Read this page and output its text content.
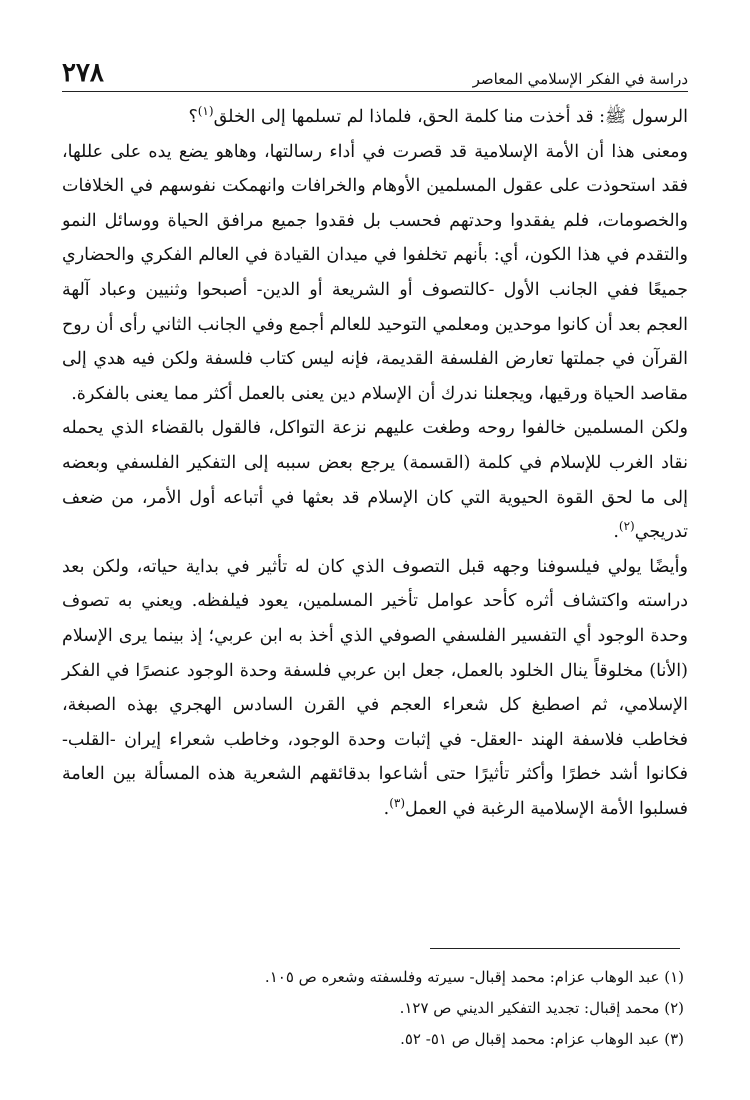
٢٧٨	دراسة في الفكر الإسلامي المعاصر

الرسول ﷺ: قد أخذت منا كلمة الحق، فلماذا لم تسلمها إلى الخلق$^{(١)}$؟

ومعنى هذا أن الأمة الإسلامية قد قصرت في أداء رسالتها، وهاهو يضع يده على عللها، فقد استحوذت على عقول المسلمين الأوهام والخرافات وانهمكت نفوسهم في الخلافات والخصومات، فلم يفقدوا وحدتهم فحسب بل فقدوا جميع مرافق الحياة ووسائل النمو والتقدم في هذا الكون، أي: بأنهم تخلفوا في ميدان القيادة في العالم الفكري والحضاري جميعًا ففي الجانب الأول -كالتصوف أو الشريعة أو الدين- أصبحوا وثنيين وعباد آلهة العجم بعد أن كانوا موحدين ومعلمي التوحيد للعالم أجمع وفي الجانب الثاني رأى أن روح القرآن في جملتها تعارض الفلسفة القديمة، فإنه ليس كتاب فلسفة ولكن فيه هدي إلى مقاصد الحياة ورقيها، ويجعلنا ندرك أن الإسلام دين يعنى بالعمل أكثر مما يعنى بالفكرة.

ولكن المسلمين خالفوا روحه وطغت عليهم نزعة التواكل، فالقول بالقضاء الذي يحمله نقاد الغرب للإسلام في كلمة (القسمة) يرجع بعض سببه إلى التفكير الفلسفي وبعضه إلى ما لحق القوة الحيوية التي كان الإسلام قد بعثها في أتباعه أول الأمر، من ضعف تدريجي$^{(٢)}$.

وأيضًا يولي فيلسوفنا وجهه قبل التصوف الذي كان له تأثير في بداية حياته، ولكن بعد دراسته واكتشاف أثره كأحد عوامل تأخير المسلمين، يعود فيلفظه. ويعني به تصوف وحدة الوجود أي التفسير الفلسفي الصوفي الذي أخذ به ابن عربي؛ إذ بينما يرى الإسلام (الأنا) مخلوقاً ينال الخلود بالعمل، جعل ابن عربي فلسفة وحدة الوجود عنصرًا في الفكر الإسلامي، ثم اصطبغ كل شعراء العجم في القرن السادس الهجري بهذه الصبغة، فخاطب فلاسفة الهند -العقل- في إثبات وحدة الوجود، وخاطب شعراء إيران -القلب- فكانوا أشد خطرًا وأكثر تأثيرًا حتى أشاعوا بدقائقهم الشعرية هذه المسألة بين العامة فسلبوا الأمة الإسلامية الرغبة في العمل$^{(٣)}$.

(١) عبد الوهاب عزام: محمد إقبال- سيرته وفلسفته وشعره ص ١٠٥.

(٢) محمد إقبال: تجديد التفكير الديني ص ١٢٧.

(٣) عبد الوهاب عزام: محمد إقبال ص ٥١- ٥٢.
